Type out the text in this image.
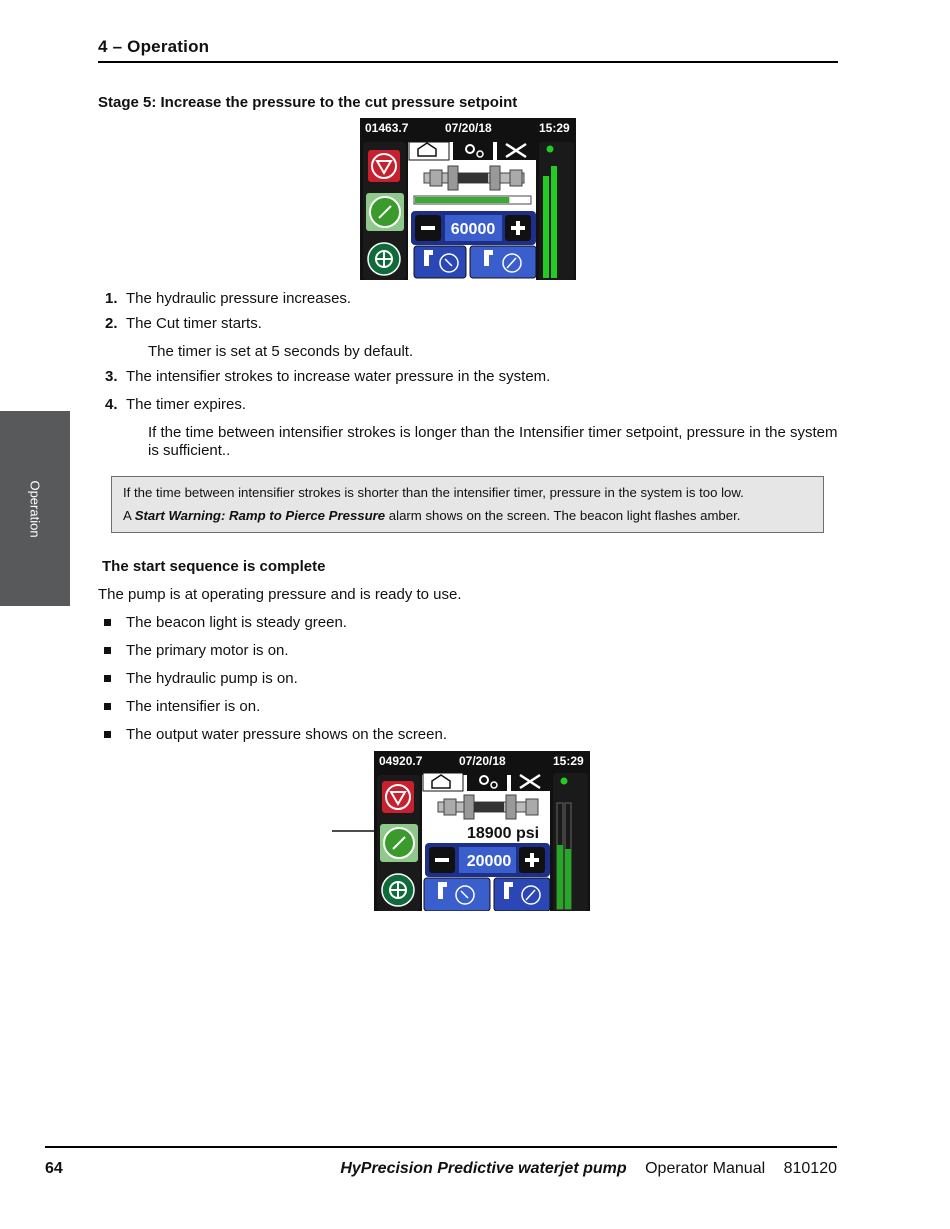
4 – Operation
Operation
Stage 5: Increase the pressure to the cut pressure setpoint
01463.7	07/20/18	15:29
60000
1. The hydraulic pressure increases.
2. The Cut timer starts.
The timer is set at 5 seconds by default.
3. The intensifier strokes to increase water pressure in the system.
4. The timer expires.
If the time between intensifier strokes is longer than the Intensifier timer setpoint, pressure in the system is sufficient..
If the time between intensifier strokes is shorter than the intensifier timer, pressure in the system is too low.
A Start Warning: Ramp to Pierce Pressure alarm shows on the screen. The beacon light flashes amber.
The start sequence is complete
The pump is at operating pressure and is ready to use.
The beacon light is steady green.
The primary motor is on.
The hydraulic pump is on.
The intensifier is on.
The output water pressure shows on the screen.
04920.7	07/20/18	15:29
18900 psi
20000
64	HyPrecision Predictive waterjet pump Operator Manual 810120
